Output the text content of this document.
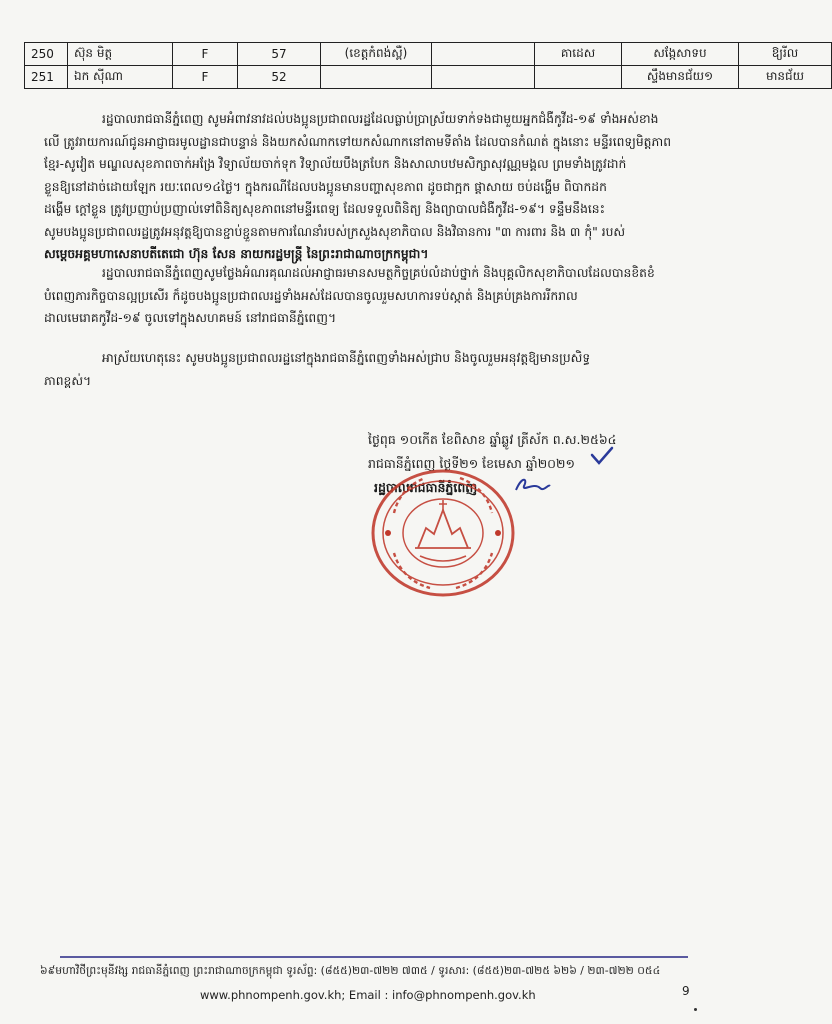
250	ស៊ុន មិត្ត	F	57	(ខេត្តកំពង់ស្ពឺ)		គាដេស	សង្កែសាទប	ឱ្យរីល
251	ឯក ស៊ីណា	F	52				ស្ទឹងមានជ័យ១	មានជ័យ
រដ្ឋបាលរាជធានីភ្នំពេញ សូមអំពាវនាវដល់បងប្អូនប្រជាពលរដ្ឋដែលធ្លាប់ប្រាស្រ័យទាក់ទងជាមួយអ្នកជំងឺកូវីដ-១៩ ទាំងអស់ខាង
លើ ត្រូវរាយការណ៍ជូនអាជ្ញាធរមូលដ្ឋានជាបន្ទាន់ និងយកសំណាកទៅយកសំណាកនៅតាមទីតាំង ដែលបានកំណត់ ក្នុងនោះ មន្ទីរពេទ្យមិត្តភាព
ខ្មែរ-សូវៀត មណ្ឌលសុខភាពចាក់អង្រែ វិទ្យាល័យចាក់ទុក វិទ្យាល័យបឹងត្របែក និងសាលាបឋមសិក្សាសុវណ្ណមង្គល ព្រមទាំងត្រូវដាក់
ខ្លួនឱ្យនៅដាច់ដោយឡែក រយៈពេល១៤ថ្ងៃ។ ក្នុងករណីដែលបងប្អូនមានបញ្ហាសុខភាព ដូចជាក្អក ផ្តាសាយ ចប់ដង្ហើម ពិបាកដក
ដង្ហើម ក្តៅខ្លួន ត្រូវប្រញាប់ប្រញាល់ទៅពិនិត្យសុខភាពនៅមន្ទីរពេទ្យ ដែលទទួលពិនិត្យ និងព្យាបាលជំងឺកូវីដ-១៩។ ទន្ទឹមនឹងនេះ
សូមបងប្អូនប្រជាពលរដ្ឋត្រូវអនុវត្តឱ្យបានខ្ជាប់ខ្ជួនតាមការណែនាំរបស់ក្រសួងសុខាភិបាល និងវិធានការ "៣ ការពារ និង ៣ កុំ" របស់
សម្តេចអគ្គមហាសេនាបតីតេជោ ហ៊ុន សែន នាយករដ្ឋមន្ត្រី នៃព្រះរាជាណាចក្រកម្ពុជា។
រដ្ឋបាលរាជធានីភ្នំពេញសូមថ្លែងអំណរគុណដល់អាជ្ញាធរមានសមត្ថកិច្ចគ្រប់លំដាប់ថ្នាក់ និងបុគ្គលិកសុខាភិបាលដែលបានខិតខំ
បំពេញភារកិច្ចបានល្អប្រសើរ ក៏ដូចបងប្អូនប្រជាពលរដ្ឋទាំងអស់ដែលបានចូលរួមសហការទប់ស្កាត់ និងគ្រប់គ្រងការរីករាល
ដាលមេរោគកូវីដ-១៩ ចូលទៅក្នុងសហគមន៍ នៅរាជធានីភ្នំពេញ។
អាស្រ័យហេតុនេះ សូមបងប្អូនប្រជាពលរដ្ឋនៅក្នុងរាជធានីភ្នំពេញទាំងអស់ជ្រាប និងចូលរួមអនុវត្តឱ្យមានប្រសិទ្ធ
ភាពខ្ពស់។
ថ្ងៃពុធ ១០កើត ខែពិសាខ ឆ្នាំឆ្លូវ ត្រីស័ក ព.ស.២៥៦៤
រាជធានីភ្នំពេញ ថ្ងៃទី២១ ខែមេសា ឆ្នាំ២០២១
រដ្ឋបាលរាជធានីភ្នំពេញ
៦៩មហាវិថីព្រះមុនីវង្ស រាជធានីភ្នំពេញ ព្រះរាជាណាចក្រកម្ពុជា ទូរស័ព្ទ: (៨៥៥)២៣-៧២២ ៧៣៥ / ទូរសារ: (៨៥៥)២៣-៧២៥ ៦២៦ / ២៣-៧២២ ០៥៤
www.phnompenh.gov.kh; Email : info@phnompenh.gov.kh	9
